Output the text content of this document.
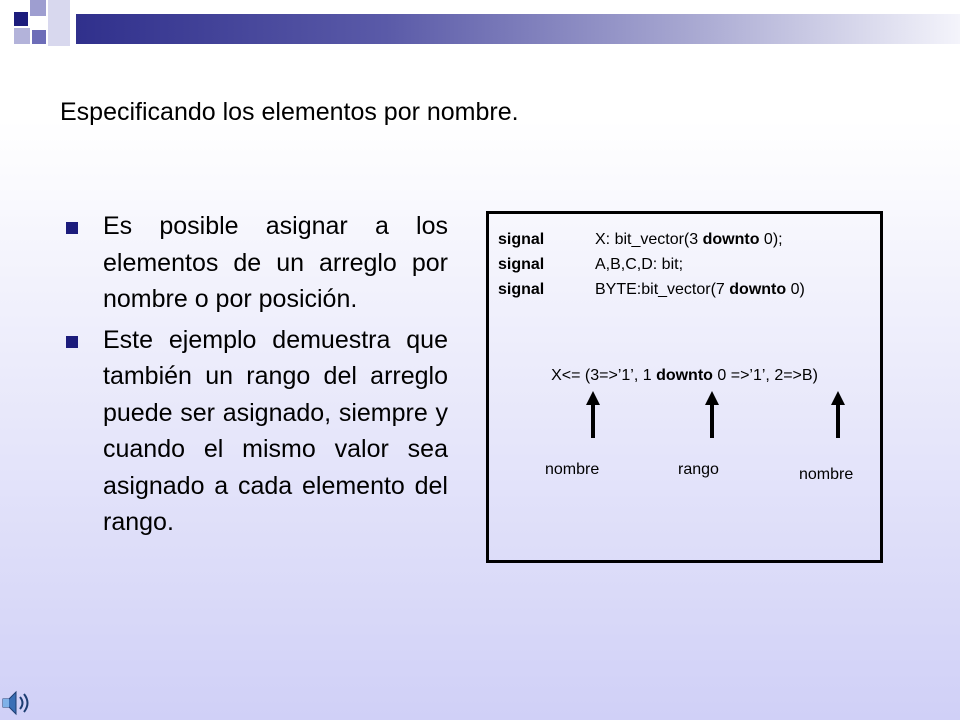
Especificando los elementos por nombre.
Es posible asignar a los elementos de un arreglo por nombre o por posición.
Este ejemplo demuestra que también un rango del arreglo puede ser asignado, siempre y cuando el mismo valor sea asignado a cada elemento del rango.
signal	X: bit_vector(3 downto 0);
signal	A,B,C,D: bit;
signal	BYTE:bit_vector(7 downto 0)
X<= (3=>’1’, 1 downto 0 =>’1’, 2=>B)
nombre	rango	nombre
